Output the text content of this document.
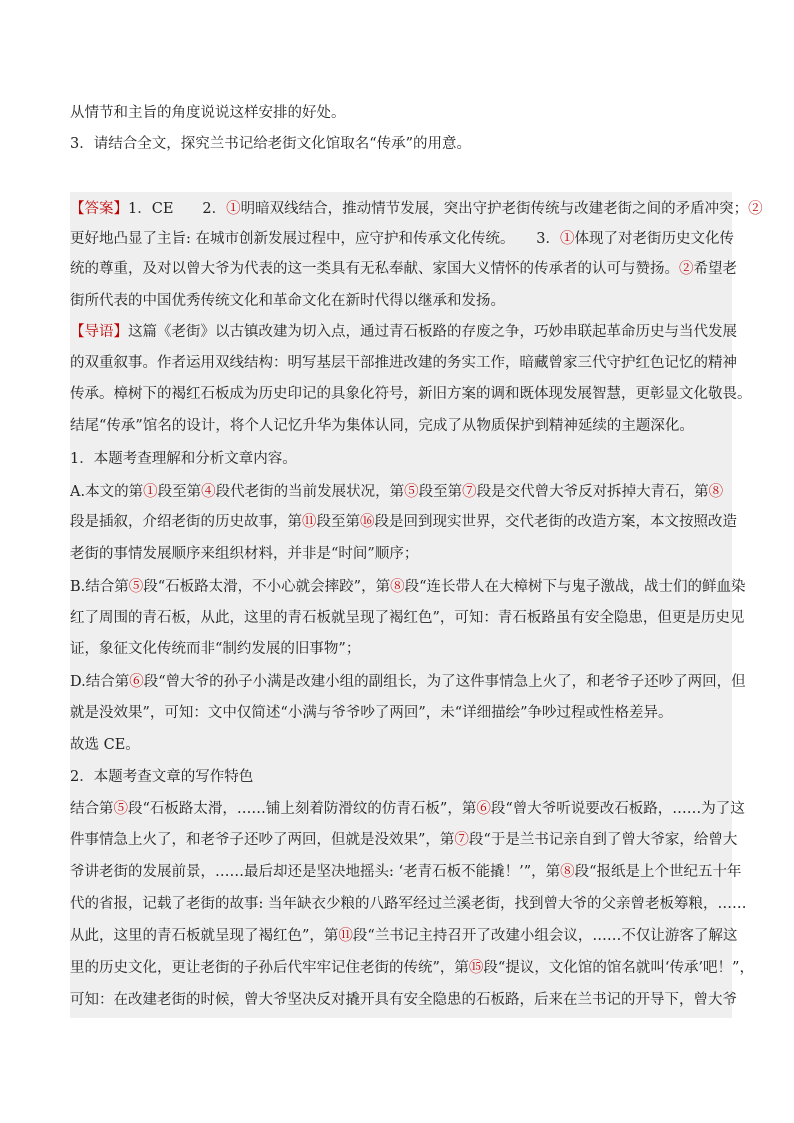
从情节和主旨的角度说说这样安排的好处。
3．请结合全文，探究兰书记给老街文化馆取名“传承”的用意。
【答案】1．CE　　2．①明暗双线结合，推动情节发展，突出守护老街传统与改建老街之间的矛盾冲突；②
更好地凸显了主旨: 在城市创新发展过程中，应守护和传承文化传统。　　3．①体现了对老街历史文化传
统的尊重，及对以曾大爷为代表的这一类具有无私奉献、家国大义情怀的传承者的认可与赞扬。②希望老
街所代表的中国优秀传统文化和革命文化在新时代得以继承和发扬。
【导语】这篇《老街》以古镇改建为切入点，通过青石板路的存废之争，巧妙串联起革命历史与当代发展
的双重叙事。作者运用双线结构：明写基层干部推进改建的务实工作，暗藏曾家三代守护红色记忆的精神
传承。樟树下的褐红石板成为历史印记的具象化符号，新旧方案的调和既体现发展智慧，更彰显文化敬畏。
结尾“传承”馆名的设计，将个人记忆升华为集体认同，完成了从物质保护到精神延续的主题深化。
1．本题考查理解和分析文章内容。
A.本文的第①段至第④段代老街的当前发展状况，第⑤段至第⑦段是交代曾大爷反对拆掉大青石，第⑧
段是插叙，介绍老街的历史故事，第⑪段至第⑯段是回到现实世界，交代老街的改造方案，本文按照改造
老街的事情发展顺序来组织材料，并非是“时间”顺序；
B.结合第⑤段“石板路太滑，不小心就会摔跤”，第⑧段“连长带人在大樟树下与鬼子激战，战士们的鲜血染
红了周围的青石板，从此，这里的青石板就呈现了褐红色”，可知：青石板路虽有安全隐患，但更是历史见
证，象征文化传统而非“制约发展的旧事物”；
D.结合第⑥段“曾大爷的孙子小满是改建小组的副组长，为了这件事情急上火了，和老爷子还吵了两回，但
就是没效果”，可知：文中仅简述“小满与爷爷吵了两回”，未“详细描绘”争吵过程或性格差异。
故选 CE。
2．本题考查文章的写作特色
结合第⑤段“石板路太滑，……铺上刻着防滑纹的仿青石板”，第⑥段“曾大爷听说要改石板路，……为了这
件事情急上火了，和老爷子还吵了两回，但就是没效果”，第⑦段“于是兰书记亲自到了曾大爷家，给曾大
爷讲老街的发展前景，……最后却还是坚决地摇头: ‘老青石板不能撬！’”，第⑧段“报纸是上个世纪五十年
代的省报，记载了老街的故事: 当年缺衣少粮的八路军经过兰溪老街，找到曾大爷的父亲曾老板筹粮，……
从此，这里的青石板就呈现了褐红色”，第⑪段“兰书记主持召开了改建小组会议，……不仅让游客了解这
里的历史文化，更让老街的子孙后代牢牢记住老街的传统”，第⑮段“提议，文化馆的馆名就叫‘传承’吧！”，
可知：在改建老街的时候，曾大爷坚决反对撬开具有安全隐患的石板路，后来在兰书记的开导下，曾大爷
